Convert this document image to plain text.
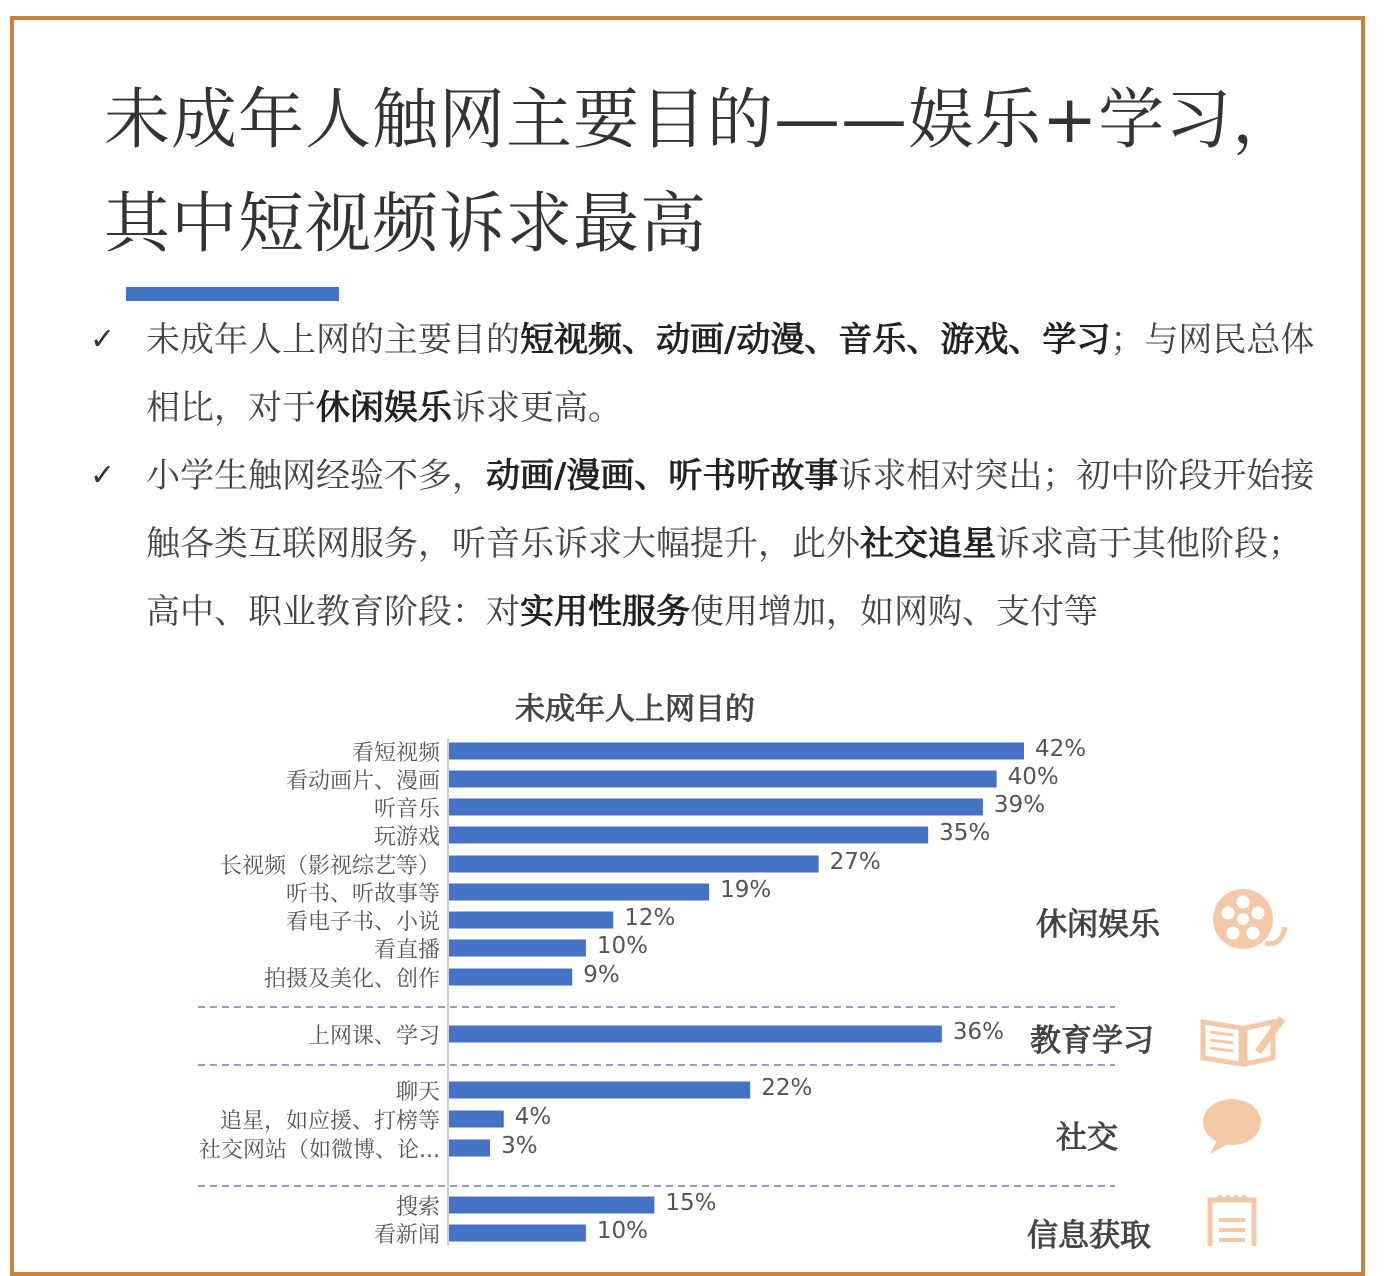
未成年人触网主要目的——娱乐+学习，
其中短视频诉求最高
✓ 未成年人上网的主要目的短视频、动画/动漫、音乐、游戏、学习；与网民总体相比，对于休闲娱乐诉求更高。
✓ 小学生触网经验不多，动画/漫画、听书听故事诉求相对突出；初中阶段开始接触各类互联网服务，听音乐诉求大幅提升，此外社交追星诉求高于其他阶段；高中、职业教育阶段：对实用性服务使用增加，如网购、支付等
未成年人上网目的
看短视频	42%
看动画片、漫画	40%
听音乐	39%
玩游戏	35%
长视频（影视综艺等）	27%
听书、听故事等	19%
看电子书、小说	12%
看直播	10%
拍摄及美化、创作	9%
上网课、学习	36%
聊天	22%
追星，如应援、打榜等	4%
社交网站（如微博、论...	3%
搜索	15%
看新闻	10%
休闲娱乐
教育学习
社交
信息获取
